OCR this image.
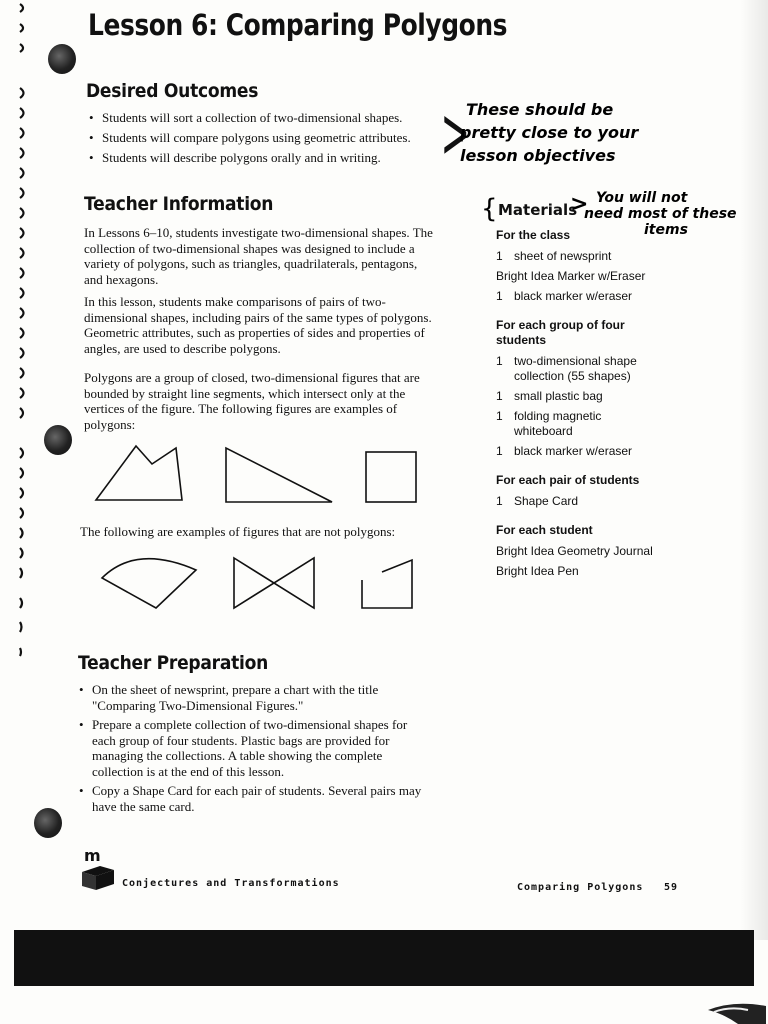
Lesson 6: Comparing Polygons
Desired Outcomes
• Students will sort a collection of two-dimensional shapes.
• Students will compare polygons using geometric attributes.
• Students will describe polygons orally and in writing. >
These should be
pretty close to your
lesson objectives
Teacher Information

In Lessons 6–10, students investigate two-dimensional shapes. The collection of two-dimensional shapes was designed to include a variety of polygons, such as triangles, quadrilaterals, pentagons, and hexagons.

In this lesson, students make comparisons of pairs of two-dimensional shapes, including pairs of the same types of polygons. Geometric attributes, such as properties of sides and properties of angles, are used to describe polygons.

Polygons are a group of closed, two-dimensional figures that are bounded by straight line segments, which intersect only at the vertices of the figure. The following figures are examples of polygons:

The following are examples of figures that are not polygons:

{ Materials
> You will not
need most of these
items
For the class
1 sheet of newsprint
Bright Idea Marker w/Eraser
1 black marker w/eraser
For each group of four students
1 two-dimensional shape collection (55 shapes)
1 small plastic bag
1 folding magnetic whiteboard
1 black marker w/eraser
For each pair of students
1 Shape Card
For each student
Bright Idea Geometry Journal
Bright Idea Pen
Teacher Preparation
• On the sheet of newsprint, prepare a chart with the title "Comparing Two-Dimensional Figures."
• Prepare a complete collection of two-dimensional shapes for each group of four students. Plastic bags are provided for managing the collections. A table showing the complete collection is at the end of this lesson.
• Copy a Shape Card for each pair of students. Several pairs may have the same card.
m
Conjectures and Transformations	Comparing Polygons 59
